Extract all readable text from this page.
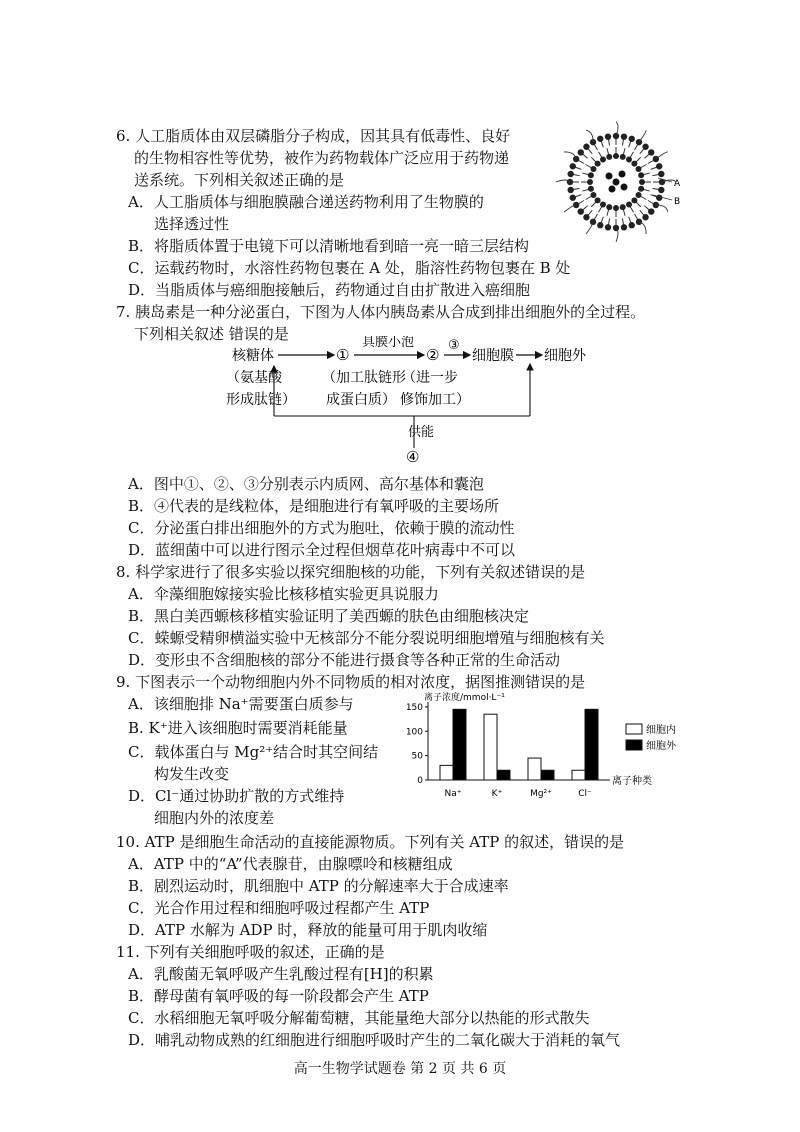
6. 人工脂质体由双层磷脂分子构成，因其具有低毒性、良好
的生物相容性等优势，被作为药物载体广泛应用于药物递
送系统。下列相关叙述正确的是
A．人工脂质体与细胞膜融合递送药物利用了生物膜的
选择透过性
B．将脂质体置于电镜下可以清晰地看到暗一亮一暗三层结构
C．运载药物时，水溶性药物包裹在 A 处，脂溶性药物包裹在 B 处
D．当脂质体与癌细胞接触后，药物通过自由扩散进入癌细胞
A
B
7. 胰岛素是一种分泌蛋白，下图为人体内胰岛素从合成到排出细胞外的全过程。
下列相关叙述 错误的是
核糖体
（氨基酸
形成肽链）
①
（加工肽链形
成蛋白质）
具膜小泡
②
③
（进一步
修饰加工）
细胞膜 细胞外
供能
④
A．图中①、②、③分别表示内质网、高尔基体和囊泡
B．④代表的是线粒体，是细胞进行有氧呼吸的主要场所
C．分泌蛋白排出细胞外的方式为胞吐，依赖于膜的流动性
D．蓝细菌中可以进行图示全过程但烟草花叶病毒中不可以
8. 科学家进行了很多实验以探究细胞核的功能，下列有关叙述错误的是
A．伞藻细胞嫁接实验比核移植实验更具说服力
B．黑白美西螈核移植实验证明了美西螈的肤色由细胞核决定
C．蝾螈受精卵横溢实验中无核部分不能分裂说明细胞增殖与细胞核有关
D．变形虫不含细胞核的部分不能进行摄食等各种正常的生命活动
9. 下图表示一个动物细胞内外不同物质的相对浓度，据图推测错误的是
A．该细胞排 Na⁺需要蛋白质参与
B. K⁺进入该细胞时需要消耗能量
C．载体蛋白与 Mg²⁺结合时其空间结
构发生改变
D．Cl⁻通过协助扩散的方式维持
细胞内外的浓度差
离子浓度/mmol·L⁻¹
0
50
100
150
Na⁺	K⁺	Mg²⁺	Cl⁻
离子种类
细胞内
细胞外
10. ATP 是细胞生命活动的直接能源物质。下列有关 ATP 的叙述，错误的是
A．ATP 中的“A”代表腺苷，由腺嘌呤和核糖组成
B．剧烈运动时，肌细胞中 ATP 的分解速率大于合成速率
C．光合作用过程和细胞呼吸过程都产生 ATP
D．ATP 水解为 ADP 时，释放的能量可用于肌肉收缩
11. 下列有关细胞呼吸的叙述，正确的是
A．乳酸菌无氧呼吸产生乳酸过程有[H]的积累
B．酵母菌有氧呼吸的每一阶段都会产生 ATP
C．水稻细胞无氧呼吸分解葡萄糖，其能量绝大部分以热能的形式散失
D．哺乳动物成熟的红细胞进行细胞呼吸时产生的二氧化碳大于消耗的氧气
高一生物学试题卷 第 2 页 共 6 页
